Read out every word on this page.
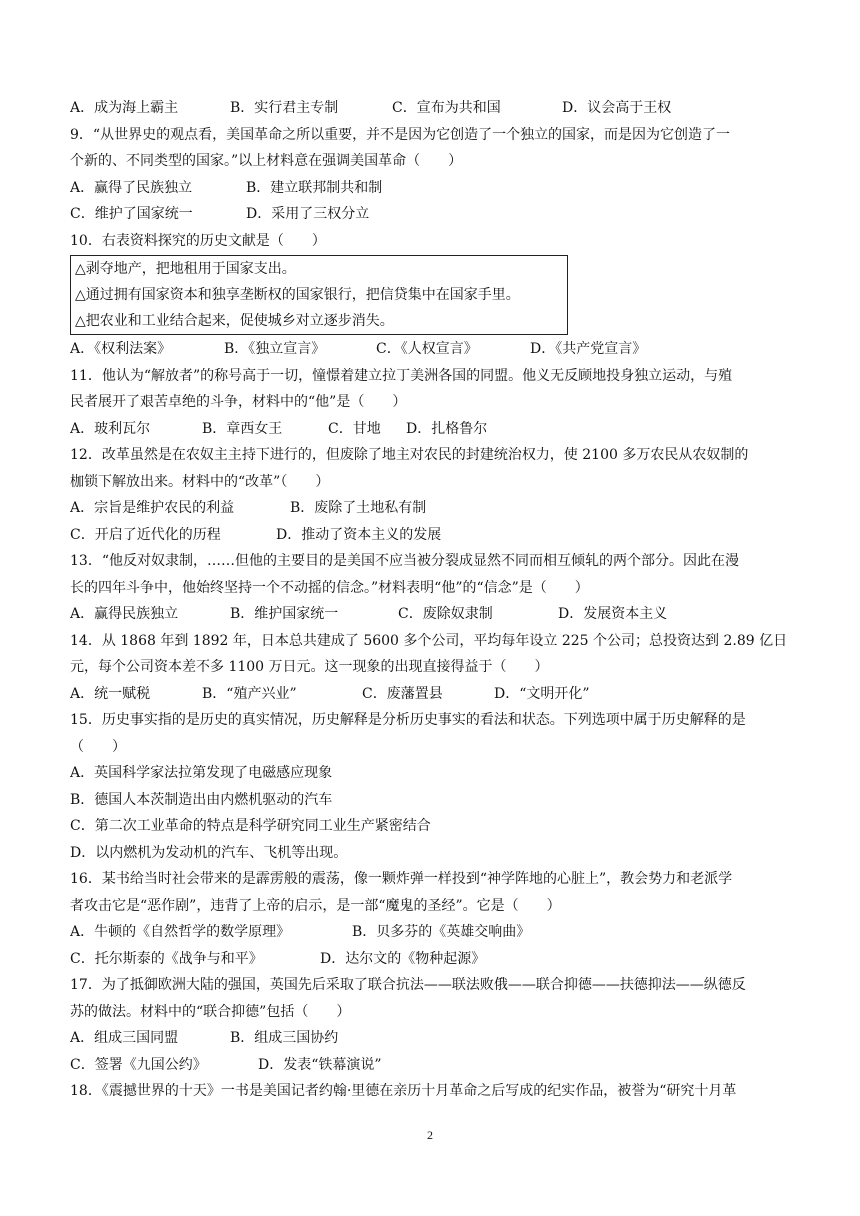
A．成为海上霸主	B．实行君主专制	C．宣布为共和国	D．议会高于王权
9．“从世界史的观点看，美国革命之所以重要，并不是因为它创造了一个独立的国家，而是因为它创造了一
个新的、不同类型的国家。”以上材料意在强调美国革命（　　）
A．赢得了民族独立	B．建立联邦制共和制
C．维护了国家统一	D．采用了三权分立
10．右表资料探究的历史文献是（　　）
△剥夺地产，把地租用于国家支出。
△通过拥有国家资本和独享垄断权的国家银行，把信贷集中在国家手里。
△把农业和工业结合起来，促使城乡对立逐步消失。
A．《权利法案》	B．《独立宣言》	C．《人权宣言》	D．《共产党宣言》
11．他认为“解放者”的称号高于一切，憧憬着建立拉丁美洲各国的同盟。他义无反顾地投身独立运动，与殖
民者展开了艰苦卓绝的斗争，材料中的“他”是（　　）
A．玻利瓦尔	B．章西女王	C．甘地	D．扎格鲁尔
12．改革虽然是在农奴主主持下进行的，但废除了地主对农民的封建统治权力，使 2100 多万农民从农奴制的
枷锁下解放出来。材料中的“改革”（　　）
A．宗旨是维护农民的利益	B．废除了土地私有制
C．开启了近代化的历程	D．推动了资本主义的发展
13．“他反对奴隶制，……但他的主要目的是美国不应当被分裂成显然不同而相互倾轧的两个部分。因此在漫
长的四年斗争中，他始终坚持一个不动摇的信念。”材料表明“他”的“信念”是（　　）
A．赢得民族独立	B．维护国家统一	C．废除奴隶制	D．发展资本主义
14．从 1868 年到 1892 年，日本总共建成了 5600 多个公司，平均每年设立 225 个公司；总投资达到 2.89 亿日
元，每个公司资本差不多 1100 万日元。这一现象的出现直接得益于（　　）
A．统一赋税	B．“殖产兴业”	C．废藩置县	D．“文明开化”
15．历史事实指的是历史的真实情况，历史解释是分析历史事实的看法和状态。下列选项中属于历史解释的是
（　　）
A．英国科学家法拉第发现了电磁感应现象
B．德国人本茨制造出由内燃机驱动的汽车
C．第二次工业革命的特点是科学研究同工业生产紧密结合
D．以内燃机为发动机的汽车、飞机等出现。
16．某书给当时社会带来的是霹雳般的震荡，像一颗炸弹一样投到“神学阵地的心脏上”，教会势力和老派学
者攻击它是“恶作剧”，违背了上帝的启示，是一部“魔鬼的圣经”。它是（　　）
A．牛顿的《自然哲学的数学原理》	B．贝多芬的《英雄交响曲》
C．托尔斯泰的《战争与和平》	D．达尔文的《物种起源》
17．为了抵御欧洲大陆的强国，英国先后采取了联合抗法——联法败俄——联合抑德——扶德抑法——纵德反
苏的做法。材料中的“联合抑德”包括（　　）
A．组成三国同盟	B．组成三国协约
C．签署《九国公约》	D．发表“铁幕演说”
18．《震撼世界的十天》一书是美国记者约翰·里德在亲历十月革命之后写成的纪实作品，被誉为“研究十月革
2
